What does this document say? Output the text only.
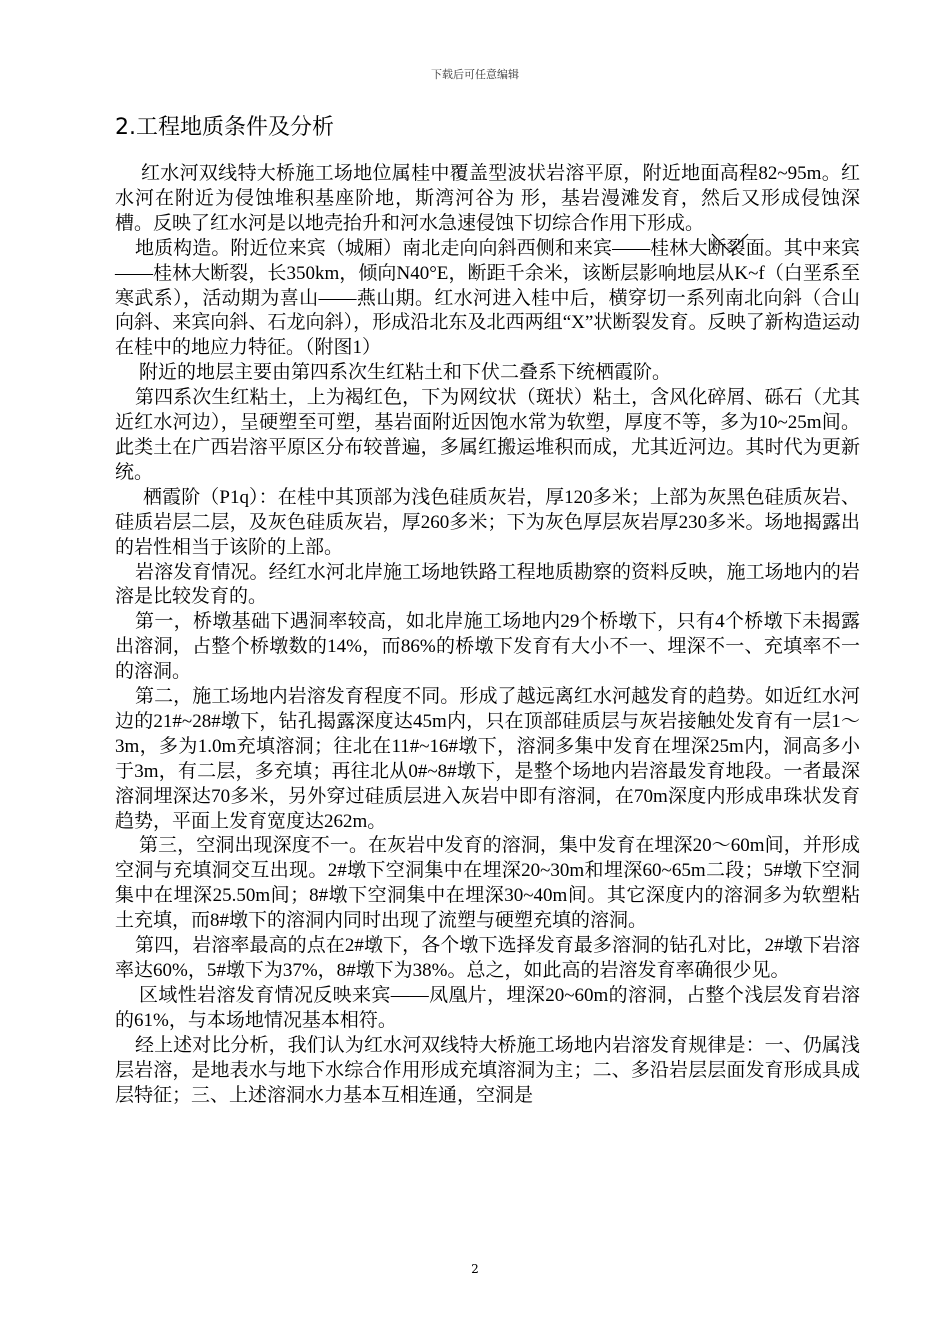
下载后可任意编辑
2.工程地质条件及分析

红水河双线特大桥施工场地位属桂中覆盖型波状岩溶平原，附近地面高程82~95m。红水河在附近为侵蚀堆积基座阶地，斯湾河谷为 形，基岩漫滩发育，然后又形成侵蚀深槽。反映了红水河是以地壳抬升和河水急速侵蚀下切综合作用下形成。

地质构造。附近位来宾（城厢）南北走向向斜西侧和来宾——桂林大断裂面。其中来宾——桂林大断裂，长350km，倾向N40°E，断距千余米，该断层影响地层从K~f（白垩系至寒武系），活动期为喜山——燕山期。红水河进入桂中后，横穿切一系列南北向斜（合山向斜、来宾向斜、石龙向斜），形成沿北东及北西两组“X”状断裂发育。反映了新构造运动在桂中的地应力特征。（附图1）

附近的地层主要由第四系次生红粘土和下伏二叠系下统栖霞阶。

第四系次生红粘土，上为褐红色，下为网纹状（斑状）粘土，含风化碎屑、砾石（尤其近红水河边），呈硬塑至可塑，基岩面附近因饱水常为软塑，厚度不等，多为10~25m间。此类土在广西岩溶平原区分布较普遍，多属红搬运堆积而成，尤其近河边。其时代为更新统。

栖霞阶（P1q）：在桂中其顶部为浅色硅质灰岩，厚120多米；上部为灰黑色硅质灰岩、硅质岩层二层，及灰色硅质灰岩，厚260多米；下为灰色厚层灰岩厚230多米。场地揭露出的岩性相当于该阶的上部。

岩溶发育情况。经红水河北岸施工场地铁路工程地质勘察的资料反映，施工场地内的岩溶是比较发育的。

第一，桥墩基础下遇洞率较高，如北岸施工场地内29个桥墩下，只有4个桥墩下未揭露出溶洞，占整个桥墩数的14%，而86%的桥墩下发育有大小不一、埋深不一、充填率不一的溶洞。

第二，施工场地内岩溶发育程度不同。形成了越远离红水河越发育的趋势。如近红水河边的21#~28#墩下，钻孔揭露深度达45m内，只在顶部硅质层与灰岩接触处发育有一层1～3m，多为1.0m充填溶洞；往北在11#~16#墩下，溶洞多集中发育在埋深25m内，洞高多小于3m，有二层，多充填；再往北从0#~8#墩下，是整个场地内岩溶最发育地段。一者最深溶洞埋深达70多米，另外穿过硅质层进入灰岩中即有溶洞，在70m深度内形成串珠状发育趋势，平面上发育宽度达262m。

第三，空洞出现深度不一。在灰岩中发育的溶洞，集中发育在埋深20～60m间，并形成空洞与充填洞交互出现。2#墩下空洞集中在埋深20~30m和埋深60~65m二段；5#墩下空洞集中在埋深25.50m间；8#墩下空洞集中在埋深30~40m间。其它深度内的溶洞多为软塑粘土充填，而8#墩下的溶洞内同时出现了流塑与硬塑充填的溶洞。

第四，岩溶率最高的点在2#墩下，各个墩下选择发育最多溶洞的钻孔对比，2#墩下岩溶率达60%，5#墩下为37%，8#墩下为38%。总之，如此高的岩溶发育率确很少见。

区域性岩溶发育情况反映来宾——凤凰片，埋深20~60m的溶洞，占整个浅层发育岩溶的61%，与本场地情况基本相符。

经上述对比分析，我们认为红水河双线特大桥施工场地内岩溶发育规律是：一、仍属浅层岩溶，是地表水与地下水综合作用形成充填溶洞为主；二、多沿岩层层面发育形成具成层特征；三、上述溶洞水力基本互相连通，空洞是

2
